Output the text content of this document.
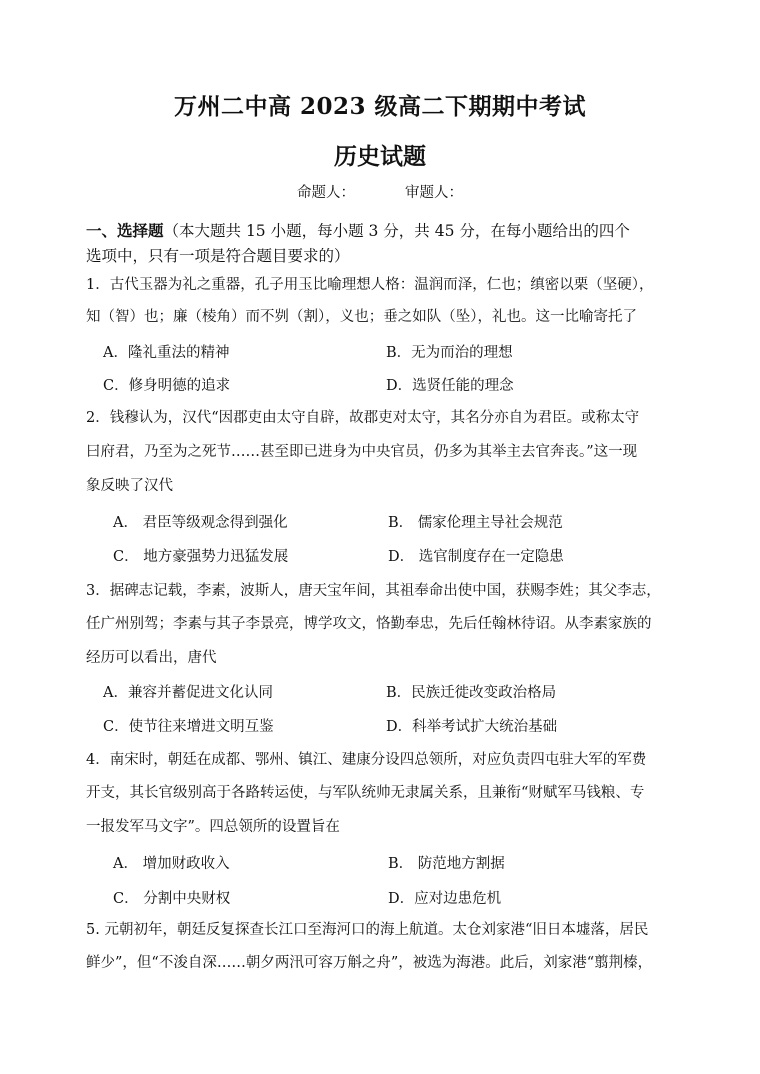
万州二中高 2023 级高二下期期中考试
历史试题
命题人：	审题人：
一、选择题（本大题共 15 小题，每小题 3 分，共 45 分，在每小题给出的四个
选项中，只有一项是符合题目要求的）
1．古代玉器为礼之重器，孔子用玉比喻理想人格：温润而泽，仁也；缜密以栗（坚硬），
知（智）也；廉（棱角）而不刿（割），义也；垂之如队（坠），礼也。这一比喻寄托了
A．隆礼重法的精神	B．无为而治的理想
C．修身明德的追求	D．选贤任能的理念
2．钱穆认为，汉代“因郡吏由太守自辟，故郡吏对太守，其名分亦自为君臣。或称太守
曰府君，乃至为之死节……甚至即已进身为中央官员，仍多为其举主去官奔丧。”这一现
象反映了汉代
A． 君臣等级观念得到强化	B． 儒家伦理主导社会规范
C． 地方豪强势力迅猛发展	D． 选官制度存在一定隐患
3．据碑志记载，李素，波斯人，唐天宝年间，其祖奉命出使中国，获赐李姓；其父李志，
任广州别驾；李素与其子李景亮，博学攻文，恪勤奉忠，先后任翰林待诏。从李素家族的
经历可以看出，唐代
A．兼容并蓄促进文化认同	B．民族迁徙改变政治格局
C．使节往来增进文明互鉴	D．科举考试扩大统治基础
4．南宋时，朝廷在成都、鄂州、镇江、建康分设四总领所，对应负责四屯驻大军的军费
开支，其长官级别高于各路转运使，与军队统帅无隶属关系，且兼衔“财赋军马钱粮、专
一报发军马文字”。四总领所的设置旨在
A． 增加财政收入	B． 防范地方割据
C． 分割中央财权	D．应对边患危机
5. 元朝初年，朝廷反复探查长江口至海河口的海上航道。太仓刘家港“旧日本墟落，居民
鲜少”，但“不浚自深……朝夕两汛可容万斛之舟”，被选为海港。此后，刘家港“翦荆榛，
